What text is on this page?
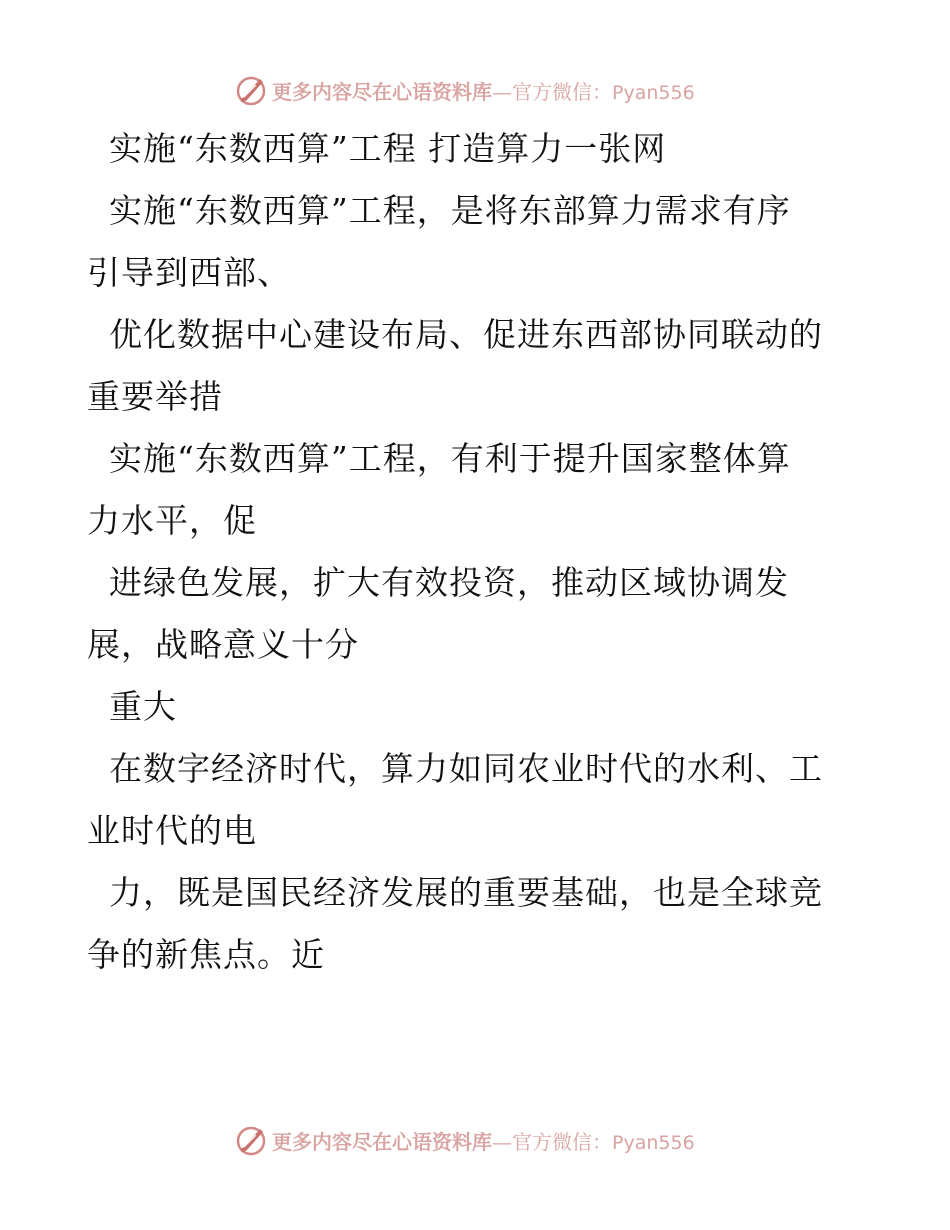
更多内容尽在心语资料库—官方微信：Pyan556

实施“东数西算”工程 打造算力一张网

实施“东数西算”工程，是将东部算力需求有序
引导到西部、

优化数据中心建设布局、促进东西部协同联动的
重要举措

实施“东数西算”工程，有利于提升国家整体算
力水平，促

进绿色发展，扩大有效投资，推动区域协调发
展，战略意义十分

重大

在数字经济时代，算力如同农业时代的水利、工
业时代的电

力，既是国民经济发展的重要基础，也是全球竞
争的新焦点。近

更多内容尽在心语资料库—官方微信：Pyan556
